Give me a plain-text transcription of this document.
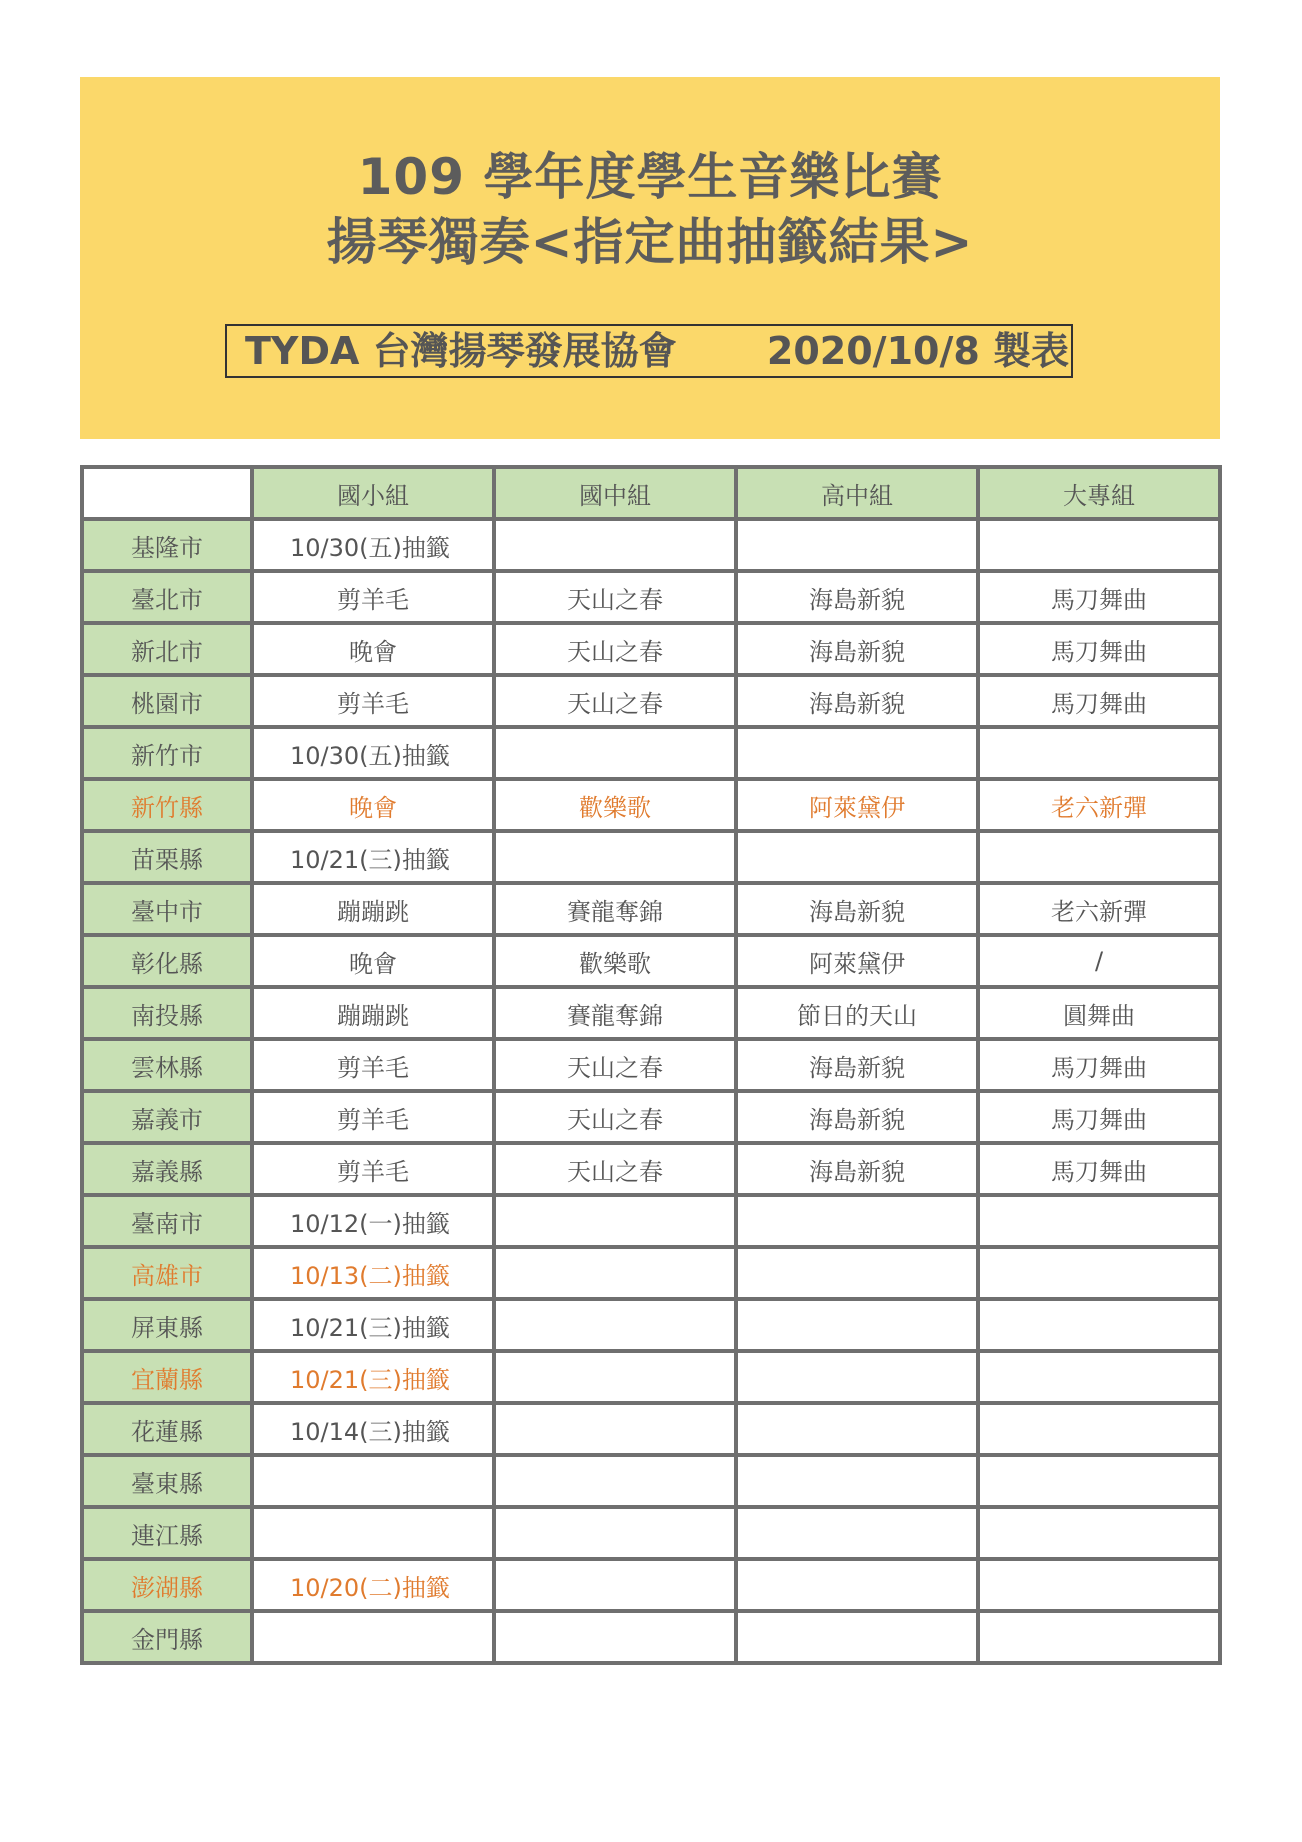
109 學年度學生音樂比賽
揚琴獨奏<指定曲抽籤結果>
TYDA 台灣揚琴發展協會 2020/10/8 製表
	國小組	國中組	高中組	大專組
基隆市	10/30(五)抽籤			
臺北市	剪羊毛	天山之春	海島新貌	馬刀舞曲
新北市	晚會	天山之春	海島新貌	馬刀舞曲
桃園市	剪羊毛	天山之春	海島新貌	馬刀舞曲
新竹市	10/30(五)抽籤			
新竹縣	晚會	歡樂歌	阿萊黛伊	老六新彈
苗栗縣	10/21(三)抽籤			
臺中市	蹦蹦跳	賽龍奪錦	海島新貌	老六新彈
彰化縣	晚會	歡樂歌	阿萊黛伊	/
南投縣	蹦蹦跳	賽龍奪錦	節日的天山	圓舞曲
雲林縣	剪羊毛	天山之春	海島新貌	馬刀舞曲
嘉義市	剪羊毛	天山之春	海島新貌	馬刀舞曲
嘉義縣	剪羊毛	天山之春	海島新貌	馬刀舞曲
臺南市	10/12(一)抽籤			
高雄市	10/13(二)抽籤			
屏東縣	10/21(三)抽籤			
宜蘭縣	10/21(三)抽籤			
花蓮縣	10/14(三)抽籤			
臺東縣				
連江縣				
澎湖縣	10/20(二)抽籤			
金門縣				
